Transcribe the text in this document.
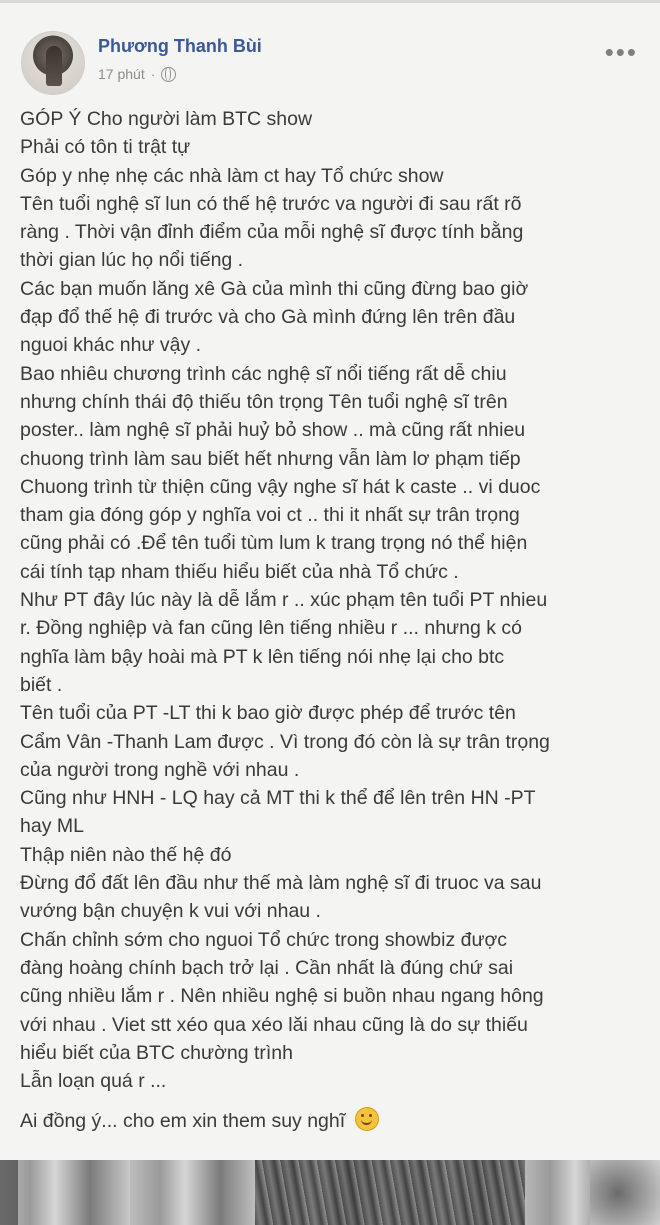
Phương Thanh Bùi
17 phút ·
•••

GÓP Ý Cho người làm BTC show

Phải có tôn ti trật tự

Góp y nhẹ nhẹ các nhà làm ct hay Tổ chức show

Tên tuổi nghệ sĩ lun có thế hệ trước va người đi sau rất rõ

ràng . Thời vận đỉnh điểm của mỗi nghệ sĩ được tính bằng

thời gian lúc họ nổi tiếng .

Các bạn muốn lăng xê Gà của mình thi cũng đừng bao giờ

đạp đổ thế hệ đi trước và cho Gà mình đứng lên trên đầu

nguoi khác như vậy .

Bao nhiêu chương trình các nghệ sĩ nổi tiếng rất dễ chiu

nhưng chính thái độ thiếu tôn trọng Tên tuổi nghệ sĩ trên

poster.. làm nghệ sĩ phải huỷ bỏ show .. mà cũng rất nhieu

chuong trình làm sau biết hết nhưng vẫn làm lơ phạm tiếp

Chuong trình từ thiện cũng vậy nghe sĩ hát k caste .. vi duoc

tham gia đóng góp y nghĩa voi ct .. thi it nhất sự trân trọng

cũng phải có .Để tên tuổi tùm lum k trang trọng nó thể hiện

cái tính tạp nham thiếu hiểu biết của nhà Tổ chức .

Như PT đây lúc này là dễ lắm r .. xúc phạm tên tuổi PT nhieu

r. Đồng nghiệp và fan cũng lên tiếng nhiều r ... nhưng k có

nghĩa làm bậy hoài mà PT k lên tiếng nói nhẹ lại cho btc

biết .

Tên tuổi của PT -LT thi k bao giờ được phép để trước tên

Cẩm Vân -Thanh Lam được . Vì trong đó còn là sự trân trọng

của người trong nghề với nhau .

Cũng như HNH - LQ hay cả MT thi k thể để lên trên HN -PT

hay ML

Thập niên nào thế hệ đó

Đừng đổ đất lên đầu như thế mà làm nghệ sĩ đi truoc va sau

vướng bận chuyện k vui với nhau .

Chấn chỉnh sớm cho nguoi Tổ chức trong showbiz được

đàng hoàng chính bạch trở lại . Cần nhất là đúng chứ sai

cũng nhiều lắm r . Nên nhiều nghệ si buồn nhau ngang hông

với nhau . Viet stt xéo qua xéo lăi nhau cũng là do sự thiếu

hiểu biết của BTC chường trình

Lẫn loạn quá r ...

Ai đồng ý... cho em xin them suy nghĩ
